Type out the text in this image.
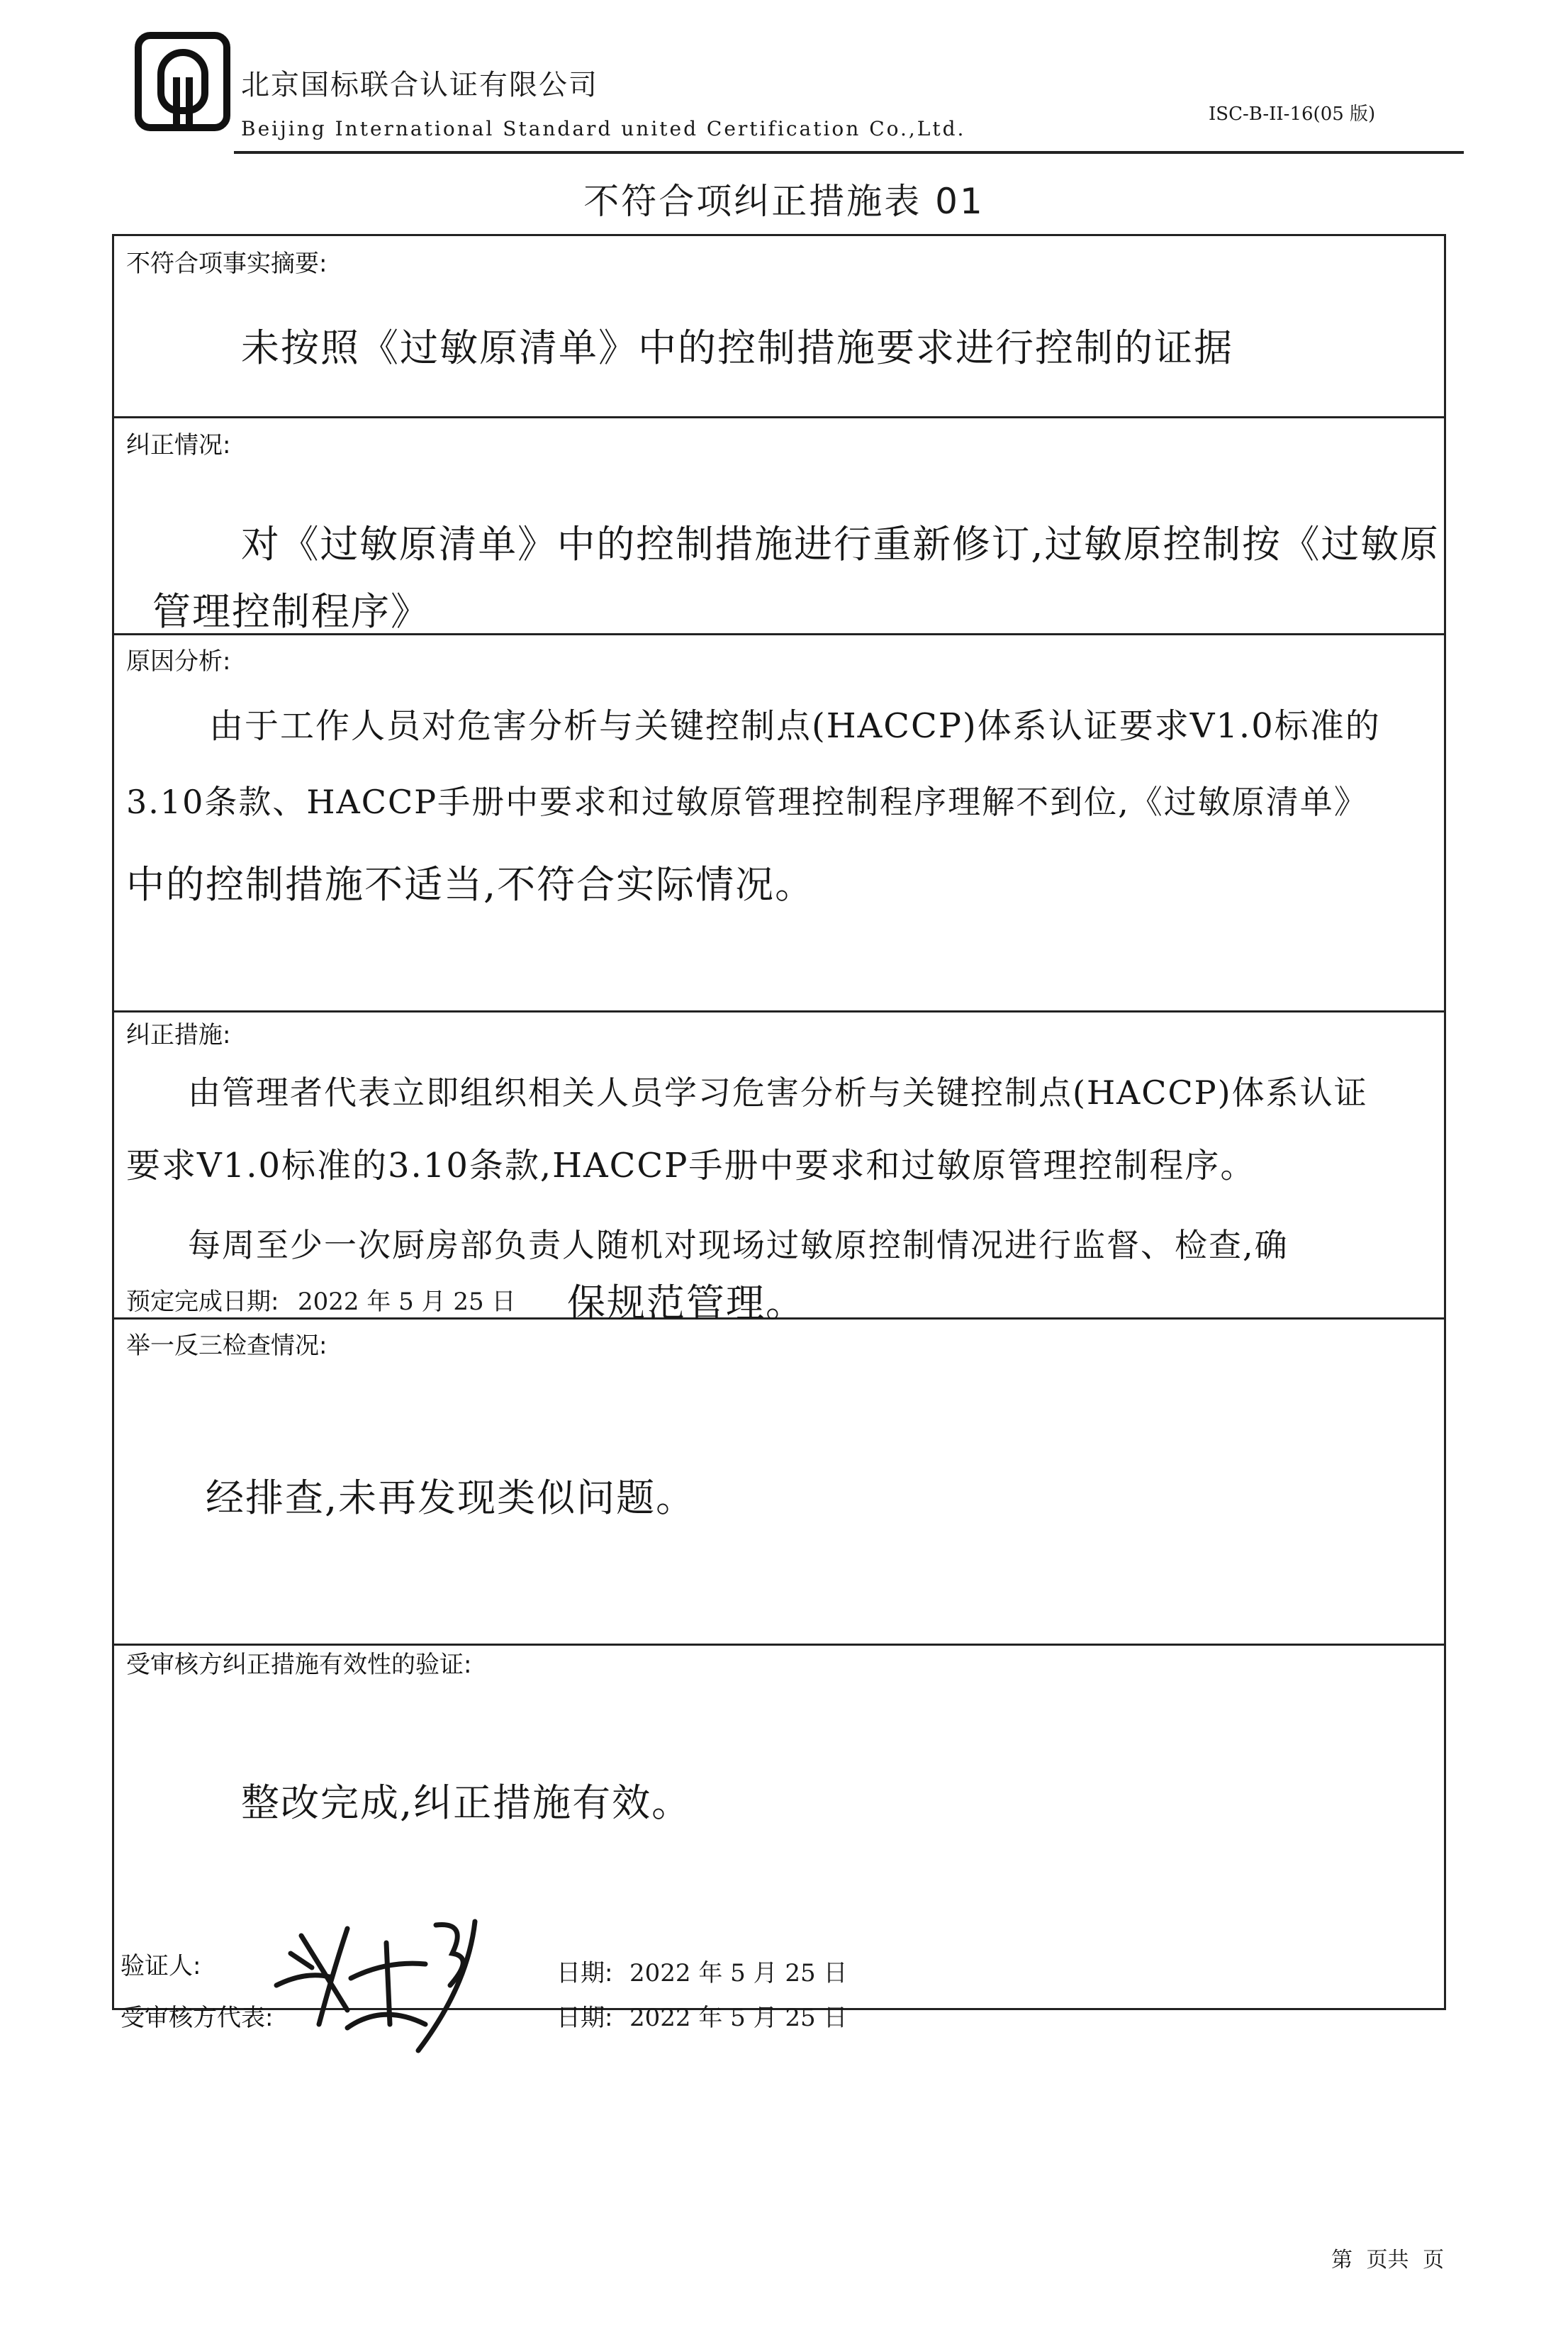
北京国标联合认证有限公司
Beijing International Standard united Certification Co.,Ltd.
ISC-B-II-16(05 版)
不符合项纠正措施表 01
不符合项事实摘要:
未按照《过敏原清单》中的控制措施要求进行控制的证据
纠正情况:
对《过敏原清单》中的控制措施进行重新修订,过敏原控制按《过敏原
管理控制程序》
原因分析:
由于工作人员对危害分析与关键控制点(HACCP)体系认证要求V1.0标准的
3.10条款、HACCP手册中要求和过敏原管理控制程序理解不到位,《过敏原清单》
中的控制措施不适当,不符合实际情况。
纠正措施:
由管理者代表立即组织相关人员学习危害分析与关键控制点(HACCP)体系认证
要求V1.0标准的3.10条款,HACCP手册中要求和过敏原管理控制程序。
每周至少一次厨房部负责人随机对现场过敏原控制情况进行监督、检查,确
预定完成日期: 2022 年 5 月 25 日 保规范管理。
举一反三检查情况:
经排查,未再发现类似问题。
受审核方纠正措施有效性的验证:
整改完成,纠正措施有效。
验证人:
宋 过 31
日期: 2022 年 5 月 25 日
受审核方代表:	日期: 2022 年 5 月 25 日
第 页共 页
